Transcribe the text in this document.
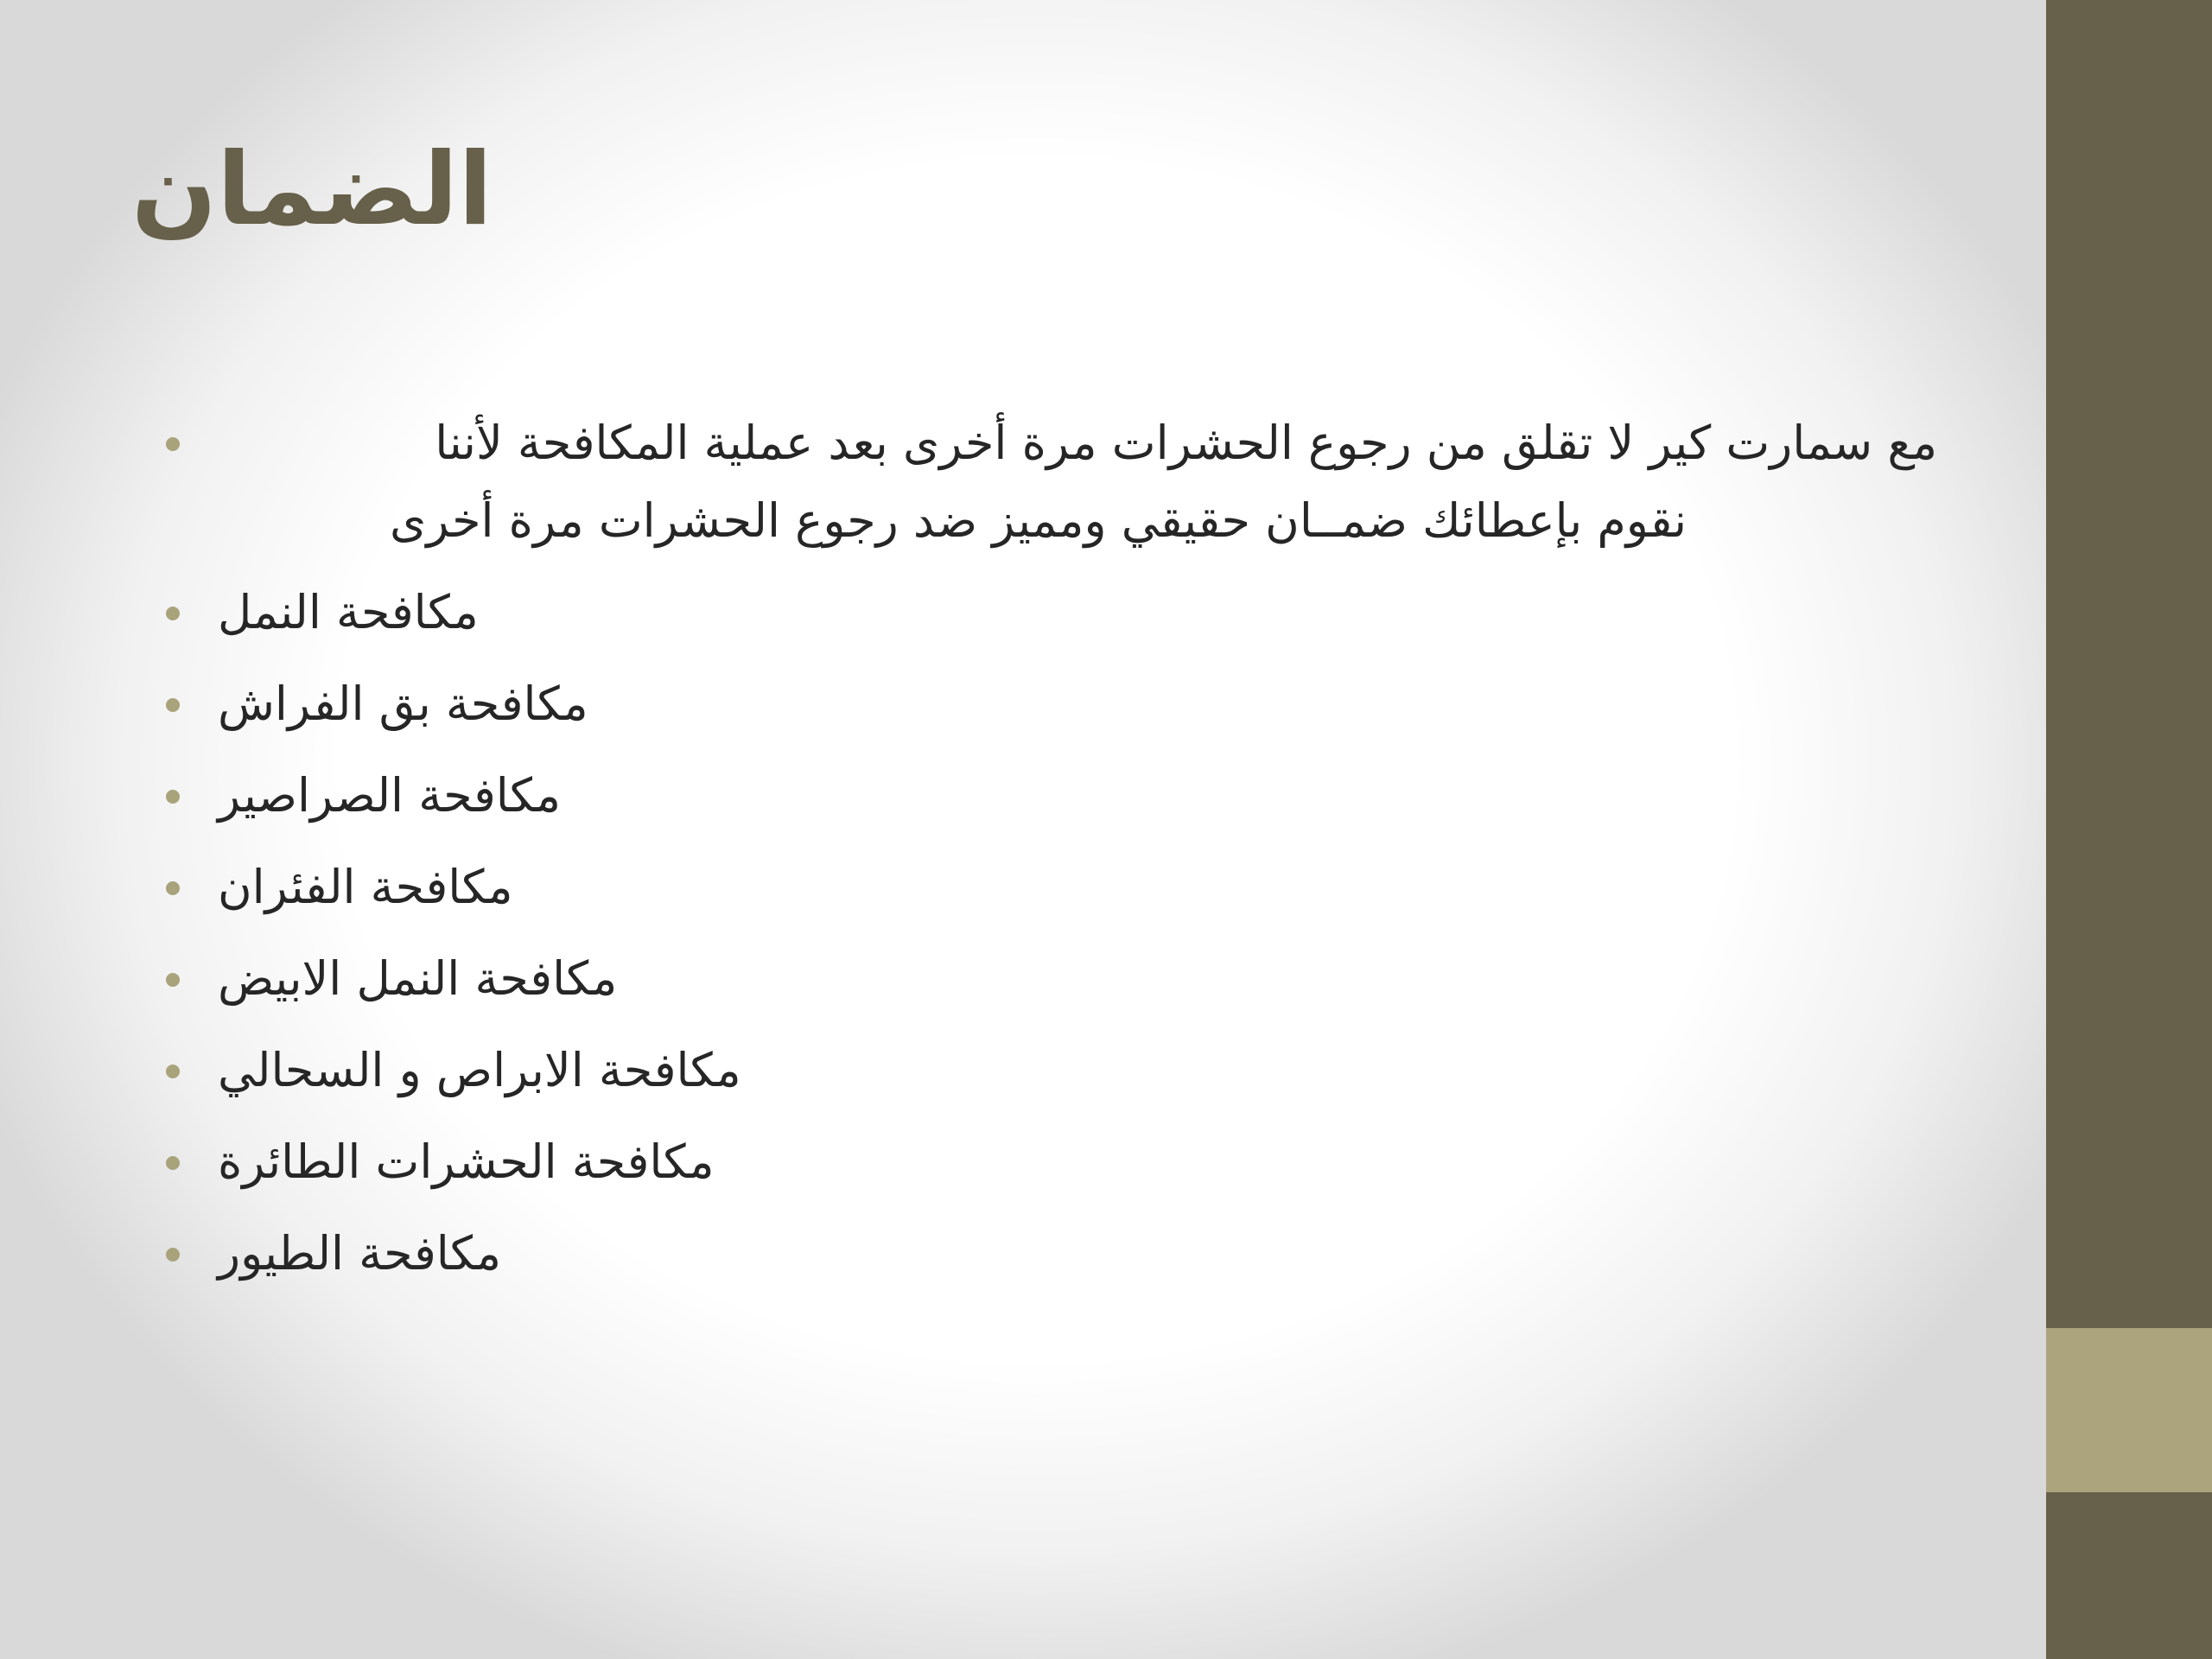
الضمان
مع سمارت كير لا تقلق من رجوع الحشرات مرة أخرى بعد عملية المكافحة لأننا
نقوم بإعطائك ضمــان حقيقي ومميز ضد رجوع الحشرات مرة أخرى
مكافحة النمل
مكافحة بق الفراش
مكافحة الصراصير
مكافحة الفئران
مكافحة النمل الابيض
مكافحة الابراص و السحالي
مكافحة الحشرات الطائرة
مكافحة الطيور
